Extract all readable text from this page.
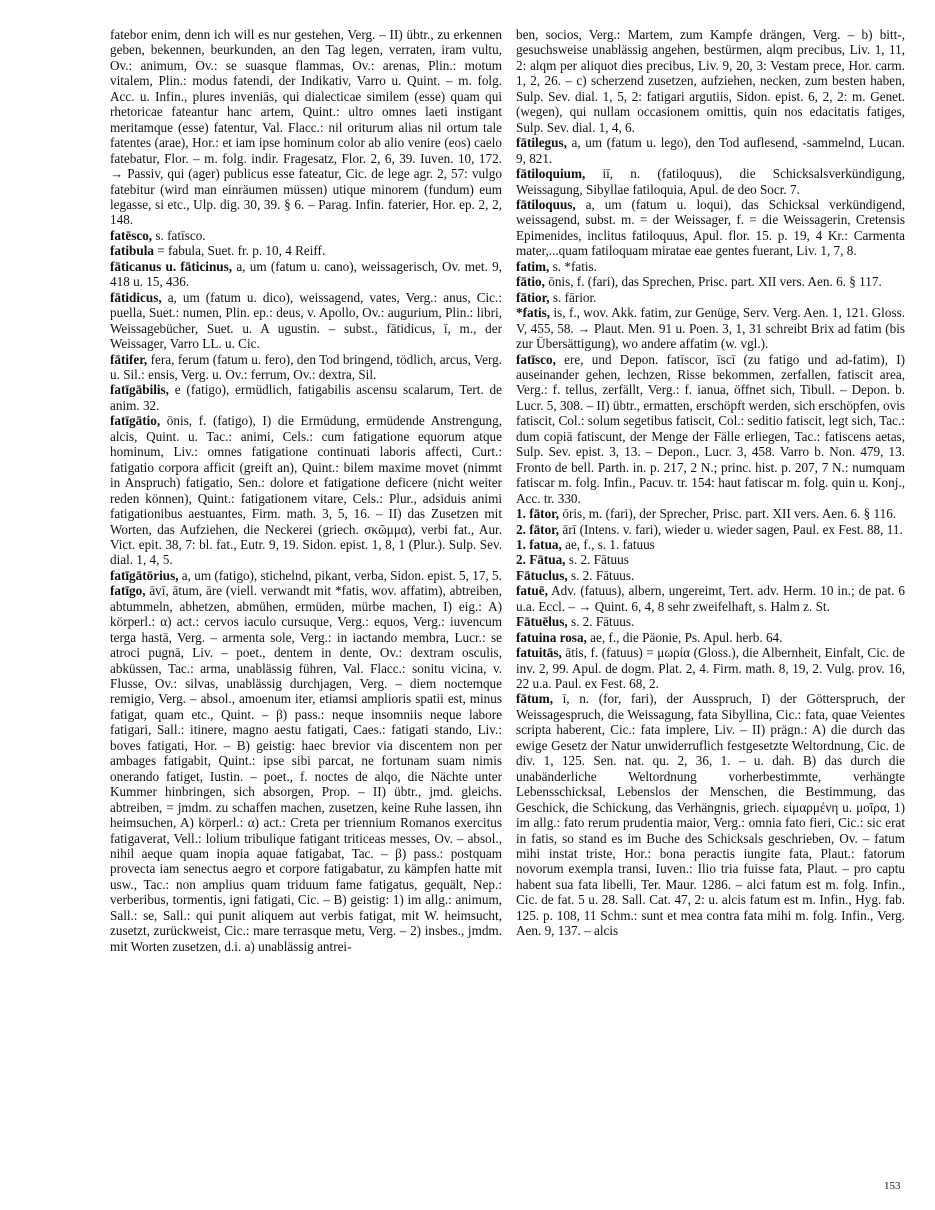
fatebor enim, denn ich will es nur gestehen, Verg. – II) übtr., zu erkennen geben, bekennen, beurkunden, an den Tag legen, verraten, iram vultu, Ov.: animum, Ov.: se suasque flammas, Ov.: arenas, Plin.: motum vitalem, Plin.: modus fatendi, der Indikativ, Varro u. Quint. – m. folg. Acc. u. Infin., plures inveniās, qui dialecticae similem (esse) quam qui rhetoricae fateantur hanc artem, Quint.: ultro omnes laeti instigant meritamque (esse) fatentur, Val. Flacc.: nil oriturum alias nil ortum tale fatentes (arae), Hor.: et iam ipse hominum color ab alio venire (eos) caelo fatebatur, Flor. – m. folg. indir. Fragesatz, Flor. 2, 6, 39. Iuven. 10, 172. → Passiv, qui (ager) publicus esse fateatur, Cic. de lege agr. 2, 57: vulgo fatebitur (wird man einräumen müssen) utique minorem (fundum) eum legasse, si etc., Ulp. dig. 30, 39. § 6. – Parag. Infin. faterier, Hor. ep. 2, 2, 148.

fatēsco, s. fatīsco.

fatibula = fabula, Suet. fr. p. 10, 4 Reiff.

fāticanus u. fāticinus, a, um (fatum u. cano), weissagerisch, Ov. met. 9, 418 u. 15, 436.

fātidicus, a, um (fatum u. dico), weissagend, vates, Verg.: anus, Cic.: puella, Suet.: numen, Plin. ep.: deus, v. Apollo, Ov.: augurium, Plin.: libri, Weissagebücher, Suet. u. A ugustin. – subst., fātidicus, ī, m., der Weissager, Varro LL. u. Cic.

fātifer, fera, ferum (fatum u. fero), den Tod bringend, tödlich, arcus, Verg. u. Sil.: ensis, Verg. u. Ov.: ferrum, Ov.: dextra, Sil.

fatīgābilis, e (fatigo), ermüdlich, fatigabilis ascensu scalarum, Tert. de anim. 32.

fatīgātio, ōnis, f. (fatigo), I) die Ermüdung, ermüdende Anstrengung, alcis, Quint. u. Tac.: animi, Cels.: cum fatigatione equorum atque hominum, Liv.: omnes fatigatione continuati laboris affecti, Curt.: fatigatio corpora afficit (greift an), Quint.: bilem maxime movet (nimmt in Anspruch) fatigatio, Sen.: dolore et fatigatione deficere (nicht weiter reden können), Quint.: fatigationem vitare, Cels.: Plur., adsiduis animi fatigationibus aestuantes, Firm. math. 3, 5, 16. – II) das Zusetzen mit Worten, das Aufziehen, die Neckerei (griech. σκῶμμα), verbi fat., Aur. Vict. epit. 38, 7: bl. fat., Eutr. 9, 19. Sidon. epist. 1, 8, 1 (Plur.). Sulp. Sev. dial. 1, 4, 5.

fatīgātōrius, a, um (fatigo), stichelnd, pikant, verba, Sidon. epist. 5, 17, 5.

fatīgo, āvī, ātum, āre (viell. verwandt mit *fatis, wov. affatim), abtreiben, abtummeln, abhetzen, abmühen, ermüden, mürbe machen, I) eig.: A) körperl.: α) act.: cervos iaculo cursuque, Verg.: equos, Verg.: iuvencum terga hastā, Verg. – armenta sole, Verg.: in iactando membra, Lucr.: se atroci pugnā, Liv. – poet., dentem in dente, Ov.: dextram osculis, abküssen, Tac.: arma, unablässig führen, Val. Flacc.: sonitu vicina, v. Flusse, Ov.: silvas, unablässig durchjagen, Verg. – diem noctemque remigio, Verg. – absol., amoenum iter, etiamsi amplioris spatii est, minus fatigat, quam etc., Quint. – β) pass.: neque insomniis neque labore fatigari, Sall.: itinere, magno aestu fatigati, Caes.: fatigati stando, Liv.: boves fatigati, Hor. – B) geistig: haec brevior via discentem non per ambages fatigabit, Quint.: ipse sibi parcat, ne fortunam suam nimis onerando fatiget, Iustin. – poet., f. noctes de alqo, die Nächte unter Kummer hinbringen, sich absorgen, Prop. – II) übtr., jmd. gleichs. abtreiben, = jmdm. zu schaffen machen, zusetzen, keine Ruhe lassen, ihn heimsuchen, A) körperl.: α) act.: Creta per triennium Romanos exercitus fatigaverat, Vell.: lolium tribulique fatigant triticeas messes, Ov. – absol., nihil aeque quam inopia aquae fatigabat, Tac. – β) pass.: postquam provecta iam senectus aegro et corpore fatigabatur, zu kämpfen hatte mit usw., Tac.: non amplius quam triduum fame fatigatus, gequält, Nep.: verberibus, tormentis, igni fatigati, Cic. – B) geistig: 1) im allg.: animum, Sall.: se, Sall.: qui punit aliquem aut verbis fatigat, mit W. heimsucht, zusetzt, zurückweist, Cic.: mare terrasque metu, Verg. – 2) insbes., jmdm. mit Worten zusetzen, d.i. a) unablässig antrei-

ben, socios, Verg.: Martem, zum Kampfe drängen, Verg. – b) bitt-, gesuchsweise unablässig angehen, bestürmen, alqm precibus, Liv. 1, 11, 2: alqm per aliquot dies precibus, Liv. 9, 20, 3: Vestam prece, Hor. carm. 1, 2, 26. – c) scherzend zusetzen, aufziehen, necken, zum besten haben, Sulp. Sev. dial. 1, 5, 2: fatigari argutiis, Sidon. epist. 6, 2, 2: m. Genet. (wegen), qui nullam occasionem omittis, quin nos edacitatis fatiges, Sulp. Sev. dial. 1, 4, 6.

fātilegus, a, um (fatum u. lego), den Tod auflesend, -sammelnd, Lucan. 9, 821.

fātiloquium, iī, n. (fatiloquus), die Schicksalsverkündigung, Weissagung, Sibyllae fatiloquia, Apul. de deo Socr. 7.

fātiloquus, a, um (fatum u. loqui), das Schicksal verkündigend, weissagend, subst. m. = der Weissager, f. = die Weissagerin, Cretensis Epimenides, inclitus fatiloquus, Apul. flor. 15. p. 19, 4 Kr.: Carmenta mater,...quam fatiloquam miratae eae gentes fuerant, Liv. 1, 7, 8.

fatim, s. *fatis.

fātio, ōnis, f. (fari), das Sprechen, Prisc. part. XII vers. Aen. 6. § 117.

fātior, s. fārior.

*fatis, is, f., wov. Akk. fatim, zur Genüge, Serv. Verg. Aen. 1, 121. Gloss. V, 455, 58. → Plaut. Men. 91 u. Poen. 3, 1, 31 schreibt Brix ad fatim (bis zur Übersättigung), wo andere affatim (w. vgl.).

fatīsco, ere, und Depon. fatīscor, īscī (zu fatigo und ad-fatim), I) auseinander gehen, lechzen, Risse bekommen, zerfallen, fatiscit area, Verg.: f. tellus, zerfällt, Verg.: f. ianua, öffnet sich, Tibull. – Depon. b. Lucr. 5, 308. – II) übtr., ermatten, erschöpft werden, sich erschöpfen, ovis fatiscit, Col.: solum segetibus fatiscit, Col.: seditio fatiscit, legt sich, Tac.: dum copiā fatiscunt, der Menge der Fälle erliegen, Tac.: fatiscens aetas, Sulp. Sev. epist. 3, 13. – Depon., Lucr. 3, 458. Varro b. Non. 479, 13. Fronto de bell. Parth. in. p. 217, 2 N.; princ. hist. p. 207, 7 N.: numquam fatiscar m. folg. Infin., Pacuv. tr. 154: haut fatiscar m. folg. quin u. Konj., Acc. tr. 330.

1. fātor, ōris, m. (fari), der Sprecher, Prisc. part. XII vers. Aen. 6. § 116.

2. fātor, ārī (Intens. v. fari), wieder u. wieder sagen, Paul. ex Fest. 88, 11.

1. fatua, ae, f., s. 1. fatuus

2. Fātua, s. 2. Fātuus

Fātuclus, s. 2. Fātuus.

fatuē, Adv. (fatuus), albern, ungereimt, Tert. adv. Herm. 10 in.; de pat. 6 u.a. Eccl. – → Quint. 6, 4, 8 sehr zweifelhaft, s. Halm z. St.

Fātuēlus, s. 2. Fātuus.

fatuina rosa, ae, f., die Päonie, Ps. Apul. herb. 64.

fatuitās, ātis, f. (fatuus) = μωρία (Gloss.), die Albernheit, Einfalt, Cic. de inv. 2, 99. Apul. de dogm. Plat. 2, 4. Firm. math. 8, 19, 2. Vulg. prov. 16, 22 u.a. Paul. ex Fest. 68, 2.

fātum, ī, n. (for, fari), der Ausspruch, I) der Götterspruch, der Weissagespruch, die Weissagung, fata Sibyllina, Cic.: fata, quae Veientes scripta haberent, Cic.: fata implere, Liv. – II) prägn.: A) die durch das ewige Gesetz der Natur unwiderruflich festgesetzte Weltordnung, Cic. de div. 1, 125. Sen. nat. qu. 2, 36, 1. – u. dah. B) das durch die unabänderliche Weltordnung vorherbestimmte, verhängte Lebensschicksal, Lebenslos der Menschen, die Bestimmung, das Geschick, die Schickung, das Verhängnis, griech. εἱμαρμένη u. μοῖρα, 1) im allg.: fato rerum prudentia maior, Verg.: omnia fato fieri, Cic.: sic erat in fatis, so stand es im Buche des Schicksals geschrieben, Ov. – fatum mihi instat triste, Hor.: bona peractis iungite fata, Plaut.: fatorum novorum exempla transi, Iuven.: Ilio tria fuisse fata, Plaut. – pro captu habent sua fata libelli, Ter. Maur. 1286. – alci fatum est m. folg. Infin., Cic. de fat. 5 u. 28. Sall. Cat. 47, 2: u. alcis fatum est m. Infin., Hyg. fab. 125. p. 108, 11 Schm.: sunt et mea contra fata mihi m. folg. Infin., Verg. Aen. 9, 137. – alcis

153
